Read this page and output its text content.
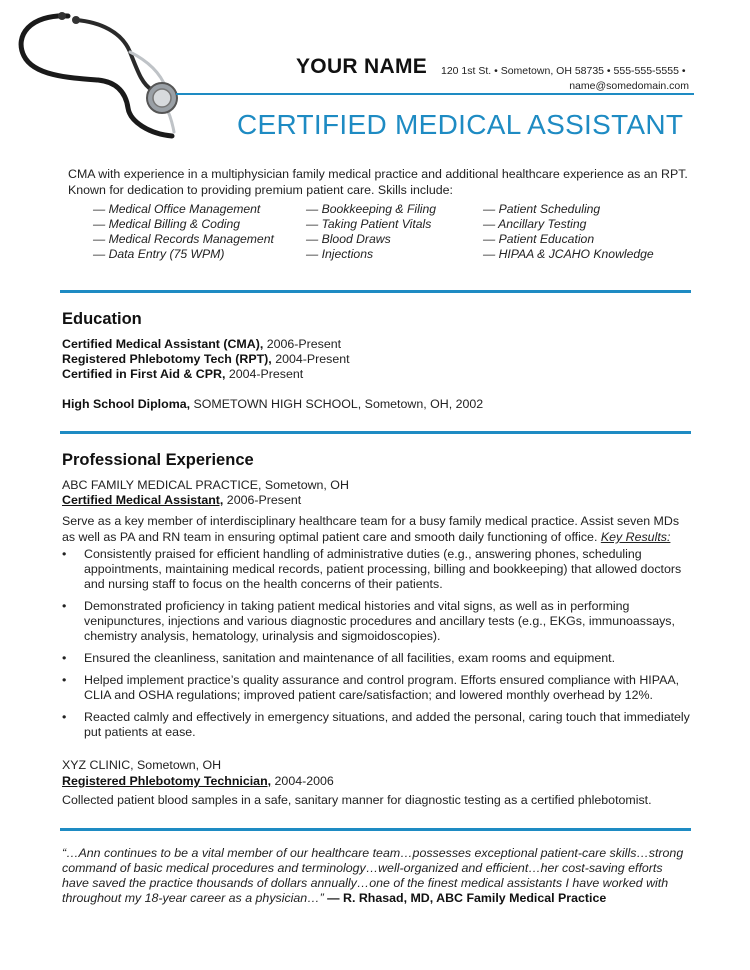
YOUR NAME 120 1st St. • Sometown, OH 58735 • 555-555-5555 •
name@somedomain.com
CERTIFIED MEDICAL ASSISTANT
CMA with experience in a multiphysician family medical practice and additional healthcare experience as an RPT. Known for dedication to providing premium patient care. Skills include:
— Medical Office Management
— Medical Billing & Coding
— Medical Records Management
— Data Entry (75 WPM)
— Bookkeeping & Filing
— Taking Patient Vitals
— Blood Draws
— Injections
— Patient Scheduling
— Ancillary Testing
— Patient Education
— HIPAA & JCAHO Knowledge
Education
Certified Medical Assistant (CMA), 2006-Present
Registered Phlebotomy Tech (RPT), 2004-Present
Certified in First Aid & CPR, 2004-Present
High School Diploma, SOMETOWN HIGH SCHOOL, Sometown, OH, 2002
Professional Experience
ABC FAMILY MEDICAL PRACTICE, Sometown, OH
Certified Medical Assistant, 2006-Present
Serve as a key member of interdisciplinary healthcare team for a busy family medical practice. Assist seven MDs as well as PA and RN team in ensuring optimal patient care and smooth daily functioning of office. Key Results:
• Consistently praised for efficient handling of administrative duties (e.g., answering phones, scheduling appointments, maintaining medical records, patient processing, billing and bookkeeping) that allowed doctors and nursing staff to focus on the health concerns of their patients.
• Demonstrated proficiency in taking patient medical histories and vital signs, as well as in performing venipunctures, injections and various diagnostic procedures and ancillary tests (e.g., EKGs, immunoassays, chemistry analysis, hematology, urinalysis and sigmoidoscopies).
• Ensured the cleanliness, sanitation and maintenance of all facilities, exam rooms and equipment.
• Helped implement practice’s quality assurance and control program. Efforts ensured compliance with HIPAA, CLIA and OSHA regulations; improved patient care/satisfaction; and lowered monthly overhead by 12%.
• Reacted calmly and effectively in emergency situations, and added the personal, caring touch that immediately put patients at ease.
XYZ CLINIC, Sometown, OH
Registered Phlebotomy Technician, 2004-2006
Collected patient blood samples in a safe, sanitary manner for diagnostic testing as a certified phlebotomist.
“…Ann continues to be a vital member of our healthcare team…possesses exceptional patient-care skills…strong command of basic medical procedures and terminology…well-organized and efficient…her cost-saving efforts have saved the practice thousands of dollars annually…one of the finest medical assistants I have worked with throughout my 18-year career as a physician…” — R. Rhasad, MD, ABC Family Medical Practice
